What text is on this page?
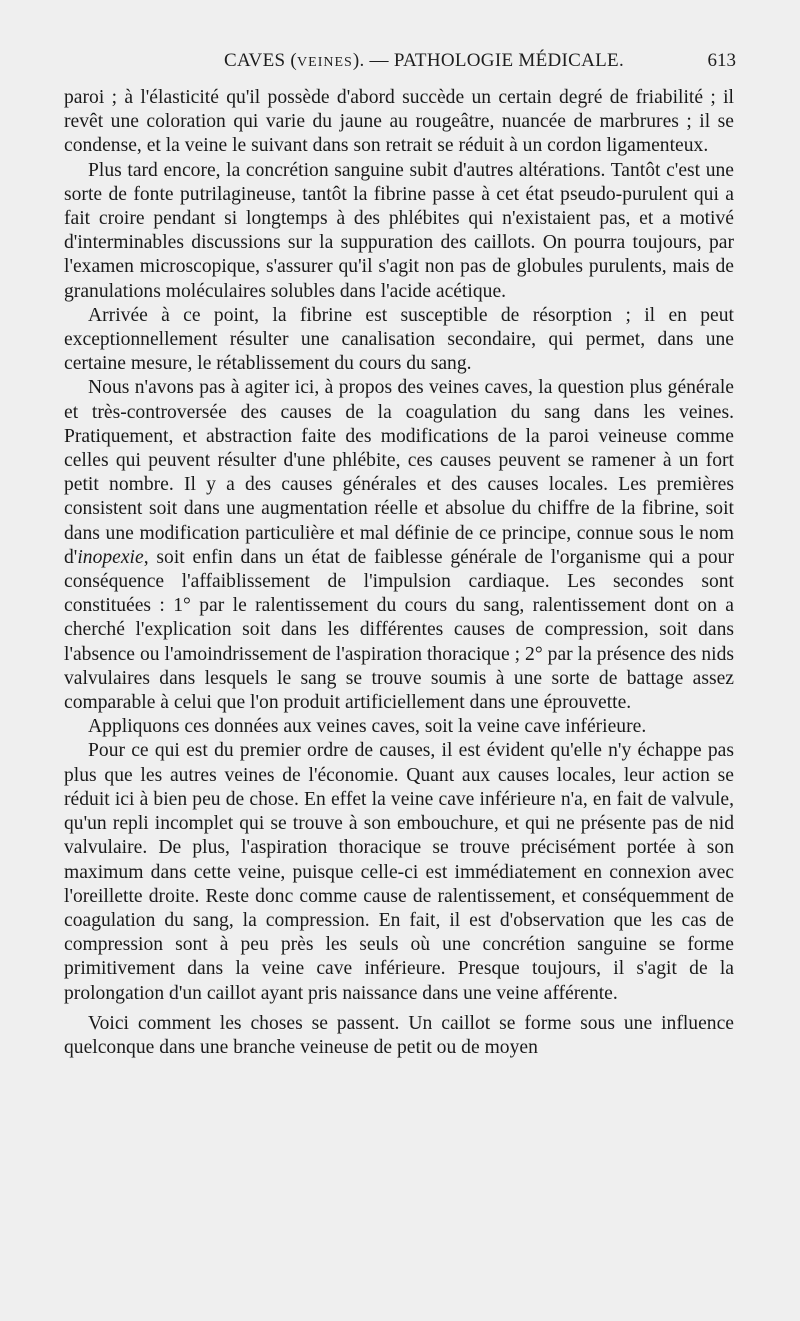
CAVES (VEINES). — PATHOLOGIE MÉDICALE.	613

paroi ; à l'élasticité qu'il possède d'abord succède un certain degré de friabilité ; il revêt une coloration qui varie du jaune au rougeâtre, nuancée de marbrures ; il se condense, et la veine le suivant dans son retrait se réduit à un cordon ligamenteux.

Plus tard encore, la concrétion sanguine subit d'autres altérations. Tantôt c'est une sorte de fonte putrilagineuse, tantôt la fibrine passe à cet état pseudo-purulent qui a fait croire pendant si longtemps à des phlébites qui n'existaient pas, et a motivé d'interminables discussions sur la suppuration des caillots. On pourra toujours, par l'examen microscopique, s'assurer qu'il s'agit non pas de globules purulents, mais de granulations moléculaires solubles dans l'acide acétique.

Arrivée à ce point, la fibrine est susceptible de résorption ; il en peut exceptionnellement résulter une canalisation secondaire, qui permet, dans une certaine mesure, le rétablissement du cours du sang.

Nous n'avons pas à agiter ici, à propos des veines caves, la question plus générale et très-controversée des causes de la coagulation du sang dans les veines. Pratiquement, et abstraction faite des modifications de la paroi veineuse comme celles qui peuvent résulter d'une phlébite, ces causes peuvent se ramener à un fort petit nombre. Il y a des causes générales et des causes locales. Les premières consistent soit dans une augmentation réelle et absolue du chiffre de la fibrine, soit dans une modification particulière et mal définie de ce principe, connue sous le nom d'inopexie, soit enfin dans un état de faiblesse générale de l'organisme qui a pour conséquence l'affaiblissement de l'impulsion cardiaque. Les secondes sont constituées : 1° par le ralentissement du cours du sang, ralentissement dont on a cherché l'explication soit dans les différentes causes de compression, soit dans l'absence ou l'amoindrissement de l'aspiration thoracique ; 2° par la présence des nids valvulaires dans lesquels le sang se trouve soumis à une sorte de battage assez comparable à celui que l'on produit artificiellement dans une éprouvette.

Appliquons ces données aux veines caves, soit la veine cave inférieure.

Pour ce qui est du premier ordre de causes, il est évident qu'elle n'y échappe pas plus que les autres veines de l'économie. Quant aux causes locales, leur action se réduit ici à bien peu de chose. En effet la veine cave inférieure n'a, en fait de valvule, qu'un repli incomplet qui se trouve à son embouchure, et qui ne présente pas de nid valvulaire. De plus, l'aspiration thoracique se trouve précisément portée à son maximum dans cette veine, puisque celle-ci est immédiatement en connexion avec l'oreillette droite. Reste donc comme cause de ralentissement, et conséquemment de coagulation du sang, la compression. En fait, il est d'observation que les cas de compression sont à peu près les seuls où une concrétion sanguine se forme primitivement dans la veine cave inférieure. Presque toujours, il s'agit de la prolongation d'un caillot ayant pris naissance dans une veine afférente.

Voici comment les choses se passent. Un caillot se forme sous une influence quelconque dans une branche veineuse de petit ou de moyen
